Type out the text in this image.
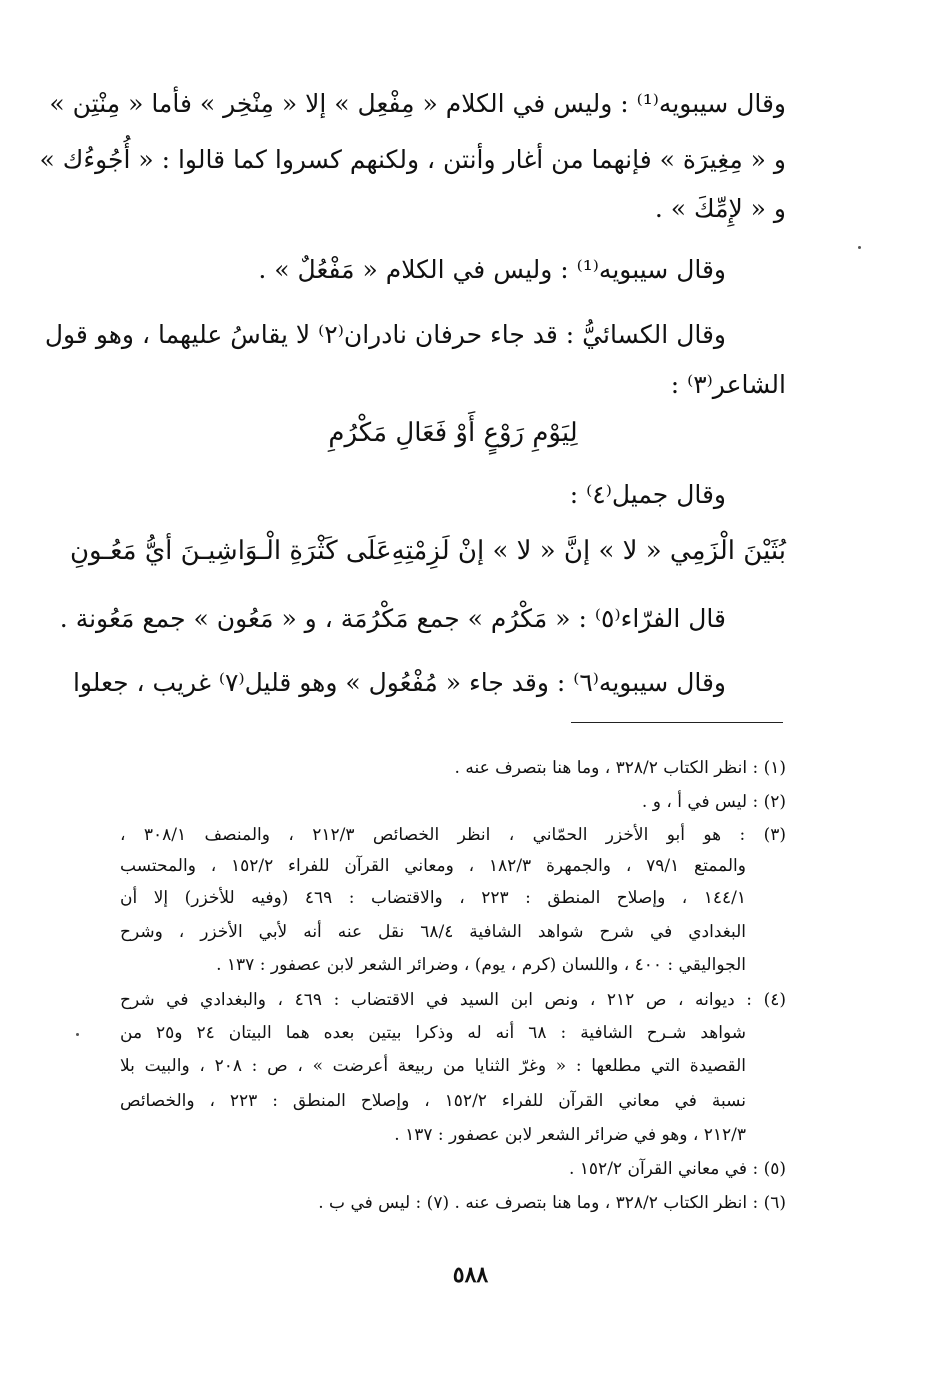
وقال سيبويه⁽¹⁾ : وليس في الكلام « مِفْعِل » إلا « مِنْخِر » فأما « مِنْتِن »
و « مِغِيرَة » فإنهما من أغار وأنتن ، ولكنهم كسروا كما قالوا : « أُجُوءُك »
و « لإِمِّكَ » .
وقال سيبويه⁽¹⁾ : وليس في الكلام « مَفْعُلٌ » .
وقال الكسائيُّ : قد جاء حرفان نادران⁽٢⁾ لا يقاسُ عليهما ، وهو قول
الشاعر⁽٣⁾ :
لِيَوْمِ رَوْعٍ أَوْ فَعَالِ مَكْرُمِ
وقال جميل⁽٤⁾ :
بُثَيْنَ الْزَمِي « لا » إنَّ « لا » إنْ لَزِمْتِهِ
عَلَى كَثْرَةِ الْـوَاشِيـنَ أيُّ مَعُـونِ
قال الفرّاء⁽٥⁾ : « مَكْرُم » جمع مَكْرُمَة ، و « مَعُون » جمع مَعُونة .
وقال سيبويه⁽٦⁾ : وقد جاء « مُفْعُول » وهو قليل⁽٧⁾ غريب ، جعلوا
(١) : انظر الكتاب ٣٢٨/٢ ، وما هنا بتصرف عنه .
(٢) : ليس في أ ، و .
(٣) : هو أبو الأخزر الحمّاني ، انظر الخصائص ٢١٢/٣ ، والمنصف ٣٠٨/١ ،
والممتع ٧٩/١ ، والجمهرة ١٨٢/٣ ، ومعاني القرآن للفراء ١٥٢/٢ ، والمحتسب
١٤٤/١ ، وإصلاح المنطق : ٢٢٣ ، والاقتضاب : ٤٦٩ (وفيه للأخزر) إلا أن
البغدادي في شرح شواهد الشافية ٦٨/٤ نقل عنه أنه لأبي الأخزر ، وشرح
الجواليقي : ٤٠٠ ، واللسان (كرم ، يوم) ، وضرائر الشعر لابن عصفور : ١٣٧ .
(٤) : ديوانه ، ص ٢١٢ ، ونص ابن السيد في الاقتضاب : ٤٦٩ ، والبغدادي في شرح
شواهد شـرح الشافية : ٦٨ أنه له وذكرا بيتين بعده هما البيتان ٢٤ و٢٥ من
القصيدة التي مطلعها : « وغرّ الثنايا من ربيعة أعرضت » ، ص : ٢٠٨ ، والبيت بلا
نسبة في معاني القرآن للفراء ١٥٢/٢ ، وإصلاح المنطق : ٢٢٣ ، والخصائص
٢١٢/٣ ، وهو في ضرائر الشعر لابن عصفور : ١٣٧ .
(٥) : في معاني القرآن ١٥٢/٢ .
(٦) : انظر الكتاب ٣٢٨/٢ ، وما هنا بتصرف عنه . (٧) : ليس في ب .
٥٨٨
